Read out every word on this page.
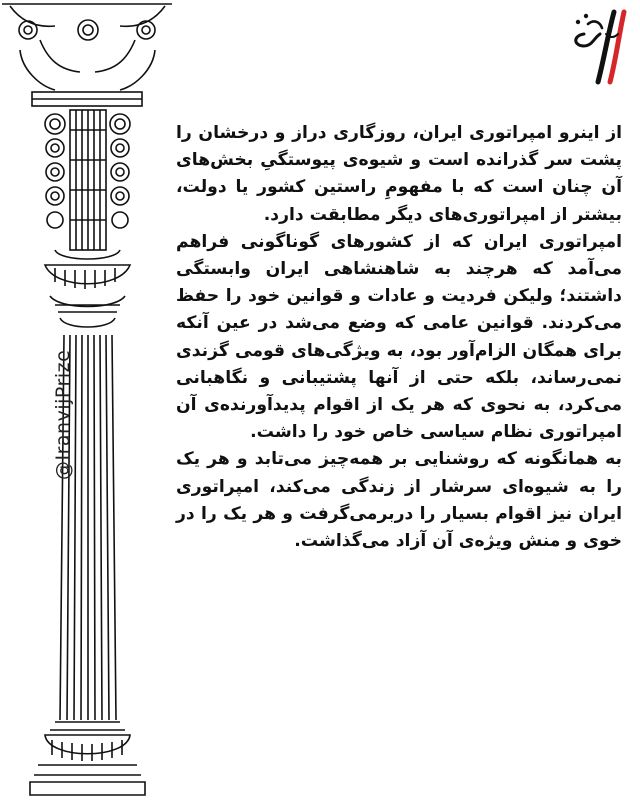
@IranvijPrize

از اینرو امپراتوری ایران، روزگاری دراز و درخشان را پشت سر گذرانده است و شیوه‌ی پیوستگیِ بخش‌های آن چنان است که با مفهومِ راستین کشور یا دولت، بیشتر از امپراتوری‌های دیگر مطابقت دارد.

امپراتوری ایران که از کشورهای گوناگونی فراهم می‌آمد که هرچند به شاهنشاهی ایران وابستگی داشتند؛ ولیکن فردیت و عادات و قوانین خود را حفظ می‌کردند. قوانین عامی که وضع می‌شد در عین آنکه برای همگان الزام‌آور بود، به ویژگی‌های قومی گزندی نمی‌رساند، بلکه حتی از آنها پشتیبانی و نگاهبانی می‌کرد، به نحوی که هر یک از اقوام پدیدآورنده‌ی آن امپراتوری نظام سیاسی خاص خود را داشت.

به همانگونه که روشنایی بر همه‌چیز می‌تابد و هر یک را به شیوه‌ای سرشار از زندگی می‌کند، امپراتوری ایران نیز اقوام بسیار را دربرمی‌گرفت و هر یک را در خوی و منش ویژه‌ی آن آزاد می‌گذاشت.
